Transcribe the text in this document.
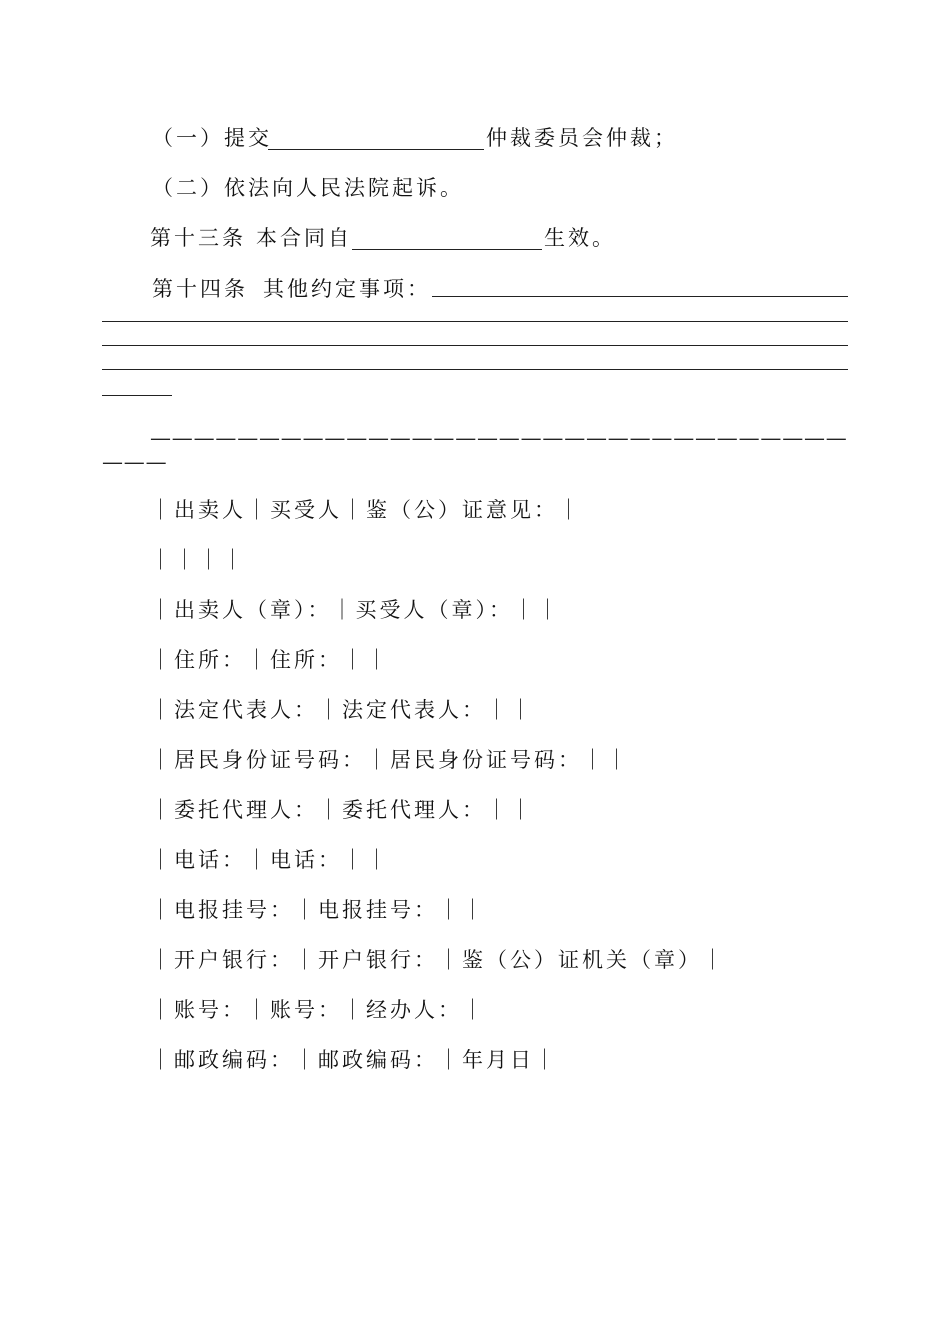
（一）提交	仲裁委员会仲裁；
（二）依法向人民法院起诉。
第十三条 本合同自	生效。
第十四条 其他约定事项：
————————————————————————————————
———
｜出卖人｜买受人｜鉴（公）证意见：｜
｜｜｜｜
｜出卖人（章）：｜买受人（章）：｜｜
｜住所：｜住所：｜｜
｜法定代表人：｜法定代表人：｜｜
｜居民身份证号码：｜居民身份证号码：｜｜
｜委托代理人：｜委托代理人：｜｜
｜电话：｜电话：｜｜
｜电报挂号：｜电报挂号：｜｜
｜开户银行：｜开户银行：｜鉴（公）证机关（章）｜
｜账号：｜账号：｜经办人：｜
｜邮政编码：｜邮政编码：｜年月日｜
